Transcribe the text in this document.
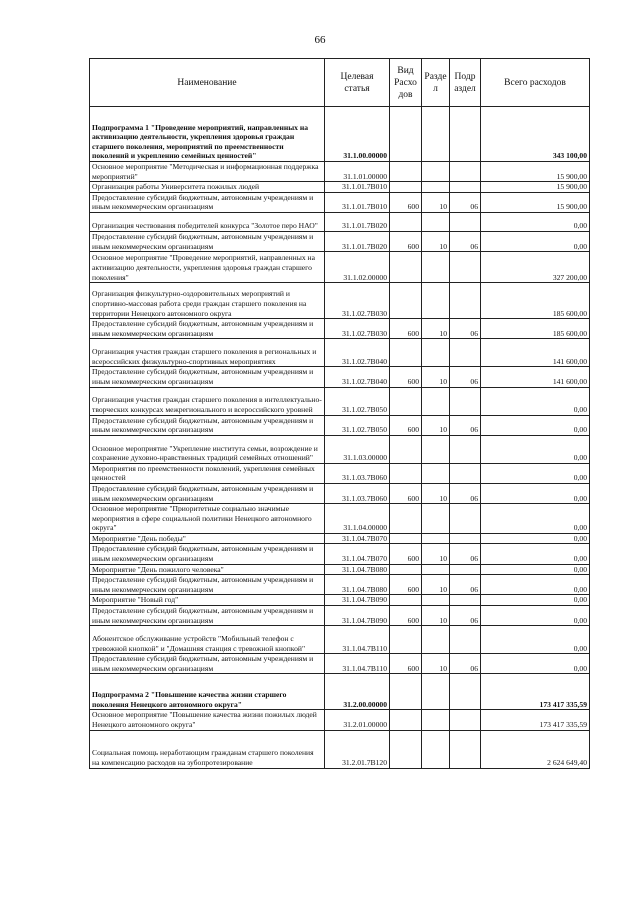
66
Наименование	Целевая статья	Вид Расхо дов	Разде л	Подр аздел	Всего расходов
Подпрограмма 1 "Проведение мероприятий, направленных на активизацию деятельности, укрепления здоровья граждан старшего поколения, мероприятий по преемственности поколений и укреплению семейных ценностей"	31.1.00.00000				343 100,00
Основное мероприятие "Методическая и информационная поддержка мероприятий"	31.1.01.00000				15 900,00
Организация работы Университета пожилых людей	31.1.01.7В010				15 900,00
Предоставление субсидий бюджетным, автономным учреждениям и иным некоммерческим организациям	31.1.01.7В010	600	10	06	15 900,00
Организация чествования победителей конкурса "Золотое перо НАО"	31.1.01.7В020				0,00
Предоставление субсидий бюджетным, автономным учреждениям и иным некоммерческим организациям	31.1.01.7В020	600	10	06	0,00
Основное мероприятие "Проведение мероприятий, направленных на активизацию деятельности, укрепления здоровья граждан старшего поколения"	31.1.02.00000				327 200,00
Организация физкультурно-оздоровительных мероприятий и спортивно-массовая работа среди граждан старшего поколения на территории Ненецкого автономного округа	31.1.02.7В030				185 600,00
Предоставление субсидий бюджетным, автономным учреждениям и иным некоммерческим организациям	31.1.02.7В030	600	10	06	185 600,00
Организация участия граждан старшего поколения в региональных и всероссийских физкультурно-спортивных мероприятиях	31.1.02.7В040				141 600,00
Предоставление субсидий бюджетным, автономным учреждениям и иным некоммерческим организациям	31.1.02.7В040	600	10	06	141 600,00
Организация участия граждан старшего поколения в интеллектуально-творческих конкурсах межрегионального и всероссийского уровней	31.1.02.7В050				0,00
Предоставление субсидий бюджетным, автономным учреждениям и иным некоммерческим организациям	31.1.02.7В050	600	10	06	0,00
Основное мероприятие "Укрепление института семьи, возрождение и сохранение духовно-нравственных традиций семейных отношений"	31.1.03.00000				0,00
Мероприятия по преемственности поколений, укрепления семейных ценностей	31.1.03.7В060				0,00
Предоставление субсидий бюджетным, автономным учреждениям и иным некоммерческим организациям	31.1.03.7В060	600	10	06	0,00
Основное мероприятие "Приоритетные социально значимые мероприятия в сфере социальной политики Ненецкого автономного округа"	31.1.04.00000				0,00
Мероприятие "День победы"	31.1.04.7В070				0,00
Предоставление субсидий бюджетным, автономным учреждениям и иным некоммерческим организациям	31.1.04.7В070	600	10	06	0,00
Мероприятие "День пожилого человека"	31.1.04.7В080				0,00
Предоставление субсидий бюджетным, автономным учреждениям и иным некоммерческим организациям	31.1.04.7В080	600	10	06	0,00
Мероприятие "Новый год"	31.1.04.7В090				0,00
Предоставление субсидий бюджетным, автономным учреждениям и иным некоммерческим организациям	31.1.04.7В090	600	10	06	0,00
Абонентское обслуживание устройств "Мобильный телефон с тревожной кнопкой" и "Домашняя станция с тревожной кнопкой"	31.1.04.7В110				0,00
Предоставление субсидий бюджетным, автономным учреждениям и иным некоммерческим организациям	31.1.04.7В110	600	10	06	0,00
Подпрограмма 2 "Повышение качества жизни старшего поколения Ненецкого автономного округа"	31.2.00.00000				173 417 335,59
Основное мероприятие "Повышение качества жизни пожилых людей Ненецкого автономного округа"	31.2.01.00000				173 417 335,59
Социальная помощь неработающим гражданам старшего поколения на компенсацию расходов на зубопротезирование	31.2.01.7В120				2 624 649,40
